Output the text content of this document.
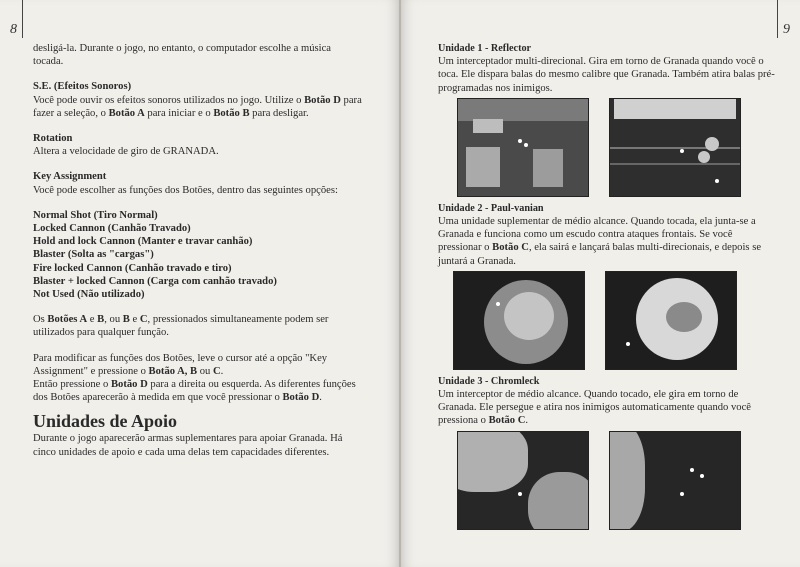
8

desligá-la. Durante o jogo, no entanto, o computador escolhe a música tocada.

S.E. (Efeitos Sonoros)

Você pode ouvir os efeitos sonoros utilizados no jogo. Utilize o Botão D para fazer a seleção, o Botão A para iniciar e o Botão B para desligar.

Rotation

Altera a velocidade de giro de GRANADA.

Key Assignment

Você pode escolher as funções dos Botões, dentro das seguintes opções:

Normal Shot (Tiro Normal)

Locked Cannon (Canhão Travado)

Hold and lock Cannon (Manter e travar canhão)

Blaster (Solta as "cargas")

Fire locked Cannon (Canhão travado e tiro)

Blaster + locked Cannon (Carga com canhão travado)

Not Used (Não utilizado)

Os Botões A e B, ou B e C, pressionados simultaneamente podem ser utilizados para qualquer função.

Para modificar as funções dos Botões, leve o cursor até a opção "Key Assignment" e pressione o Botão A, B ou C.

Então pressione o Botão D para a direita ou esquerda. As diferentes funções dos Botões aparecerão à medida em que você pressionar o Botão D.

Unidades de Apoio

Durante o jogo aparecerão armas suplementares para apoiar Granada. Há cinco unidades de apoio e cada uma delas tem capacidades diferentes.

9

Unidade 1 - Reflector

Um interceptador multi-direcional. Gira em torno de Granada quando você o toca. Ele dispara balas do mesmo calibre que Granada. Também atira balas pré-programadas nos inimigos.

Unidade 2 - Paul-vanian

Uma unidade suplementar de médio alcance. Quando tocada, ela junta-se a Granada e funciona como um escudo contra ataques frontais. Se você pressionar o Botão C, ela sairá e lançará balas multi-direcionais, e depois se juntará a Granada.

Unidade 3 - Chromleck

Um interceptor de médio alcance. Quando tocado, ele gira em torno de Granada. Ele persegue e atira nos inimigos automaticamente quando você pressiona o Botão C.
